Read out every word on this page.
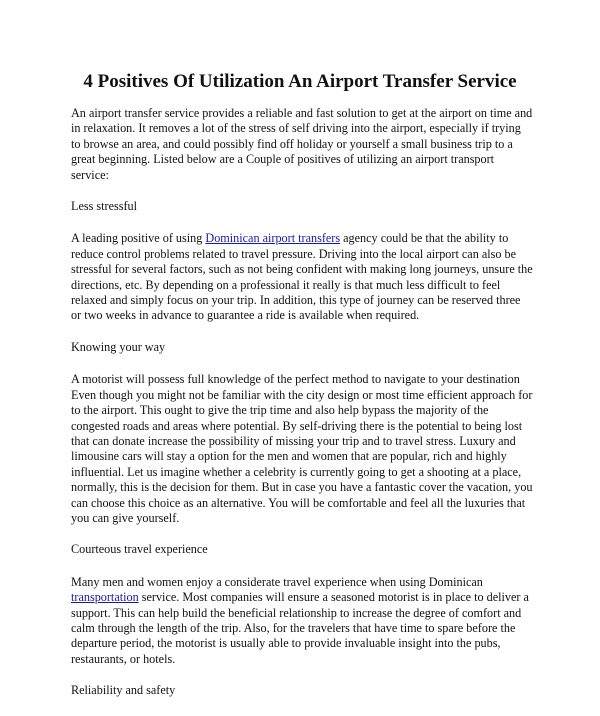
4 Positives Of Utilization An Airport Transfer Service

An airport transfer service provides a reliable and fast solution to get at the airport on time and in relaxation. It removes a lot of the stress of self driving into the airport, especially if trying to browse an area, and could possibly find off holiday or yourself a small business trip to a great beginning. Listed below are a Couple of positives of utilizing an airport transport service:

Less stressful

A leading positive of using Dominican airport transfers agency could be that the ability to reduce control problems related to travel pressure. Driving into the local airport can also be stressful for several factors, such as not being confident with making long journeys, unsure the directions, etc. By depending on a professional it really is that much less difficult to feel relaxed and simply focus on your trip. In addition, this type of journey can be reserved three or two weeks in advance to guarantee a ride is available when required.

Knowing your way

A motorist will possess full knowledge of the perfect method to navigate to your destination Even though you might not be familiar with the city design or most time efficient approach for to the airport. This ought to give the trip time and also help bypass the majority of the congested roads and areas where potential. By self-driving there is the potential to being lost that can donate increase the possibility of missing your trip and to travel stress. Luxury and limousine cars will stay a option for the men and women that are popular, rich and highly influential. Let us imagine whether a celebrity is currently going to get a shooting at a place, normally, this is the decision for them. But in case you have a fantastic cover the vacation, you can choose this choice as an alternative. You will be comfortable and feel all the luxuries that you can give yourself.

Courteous travel experience

Many men and women enjoy a considerate travel experience when using Dominican transportation service. Most companies will ensure a seasoned motorist is in place to deliver a support. This can help build the beneficial relationship to increase the degree of comfort and calm through the length of the trip. Also, for the travelers that have time to spare before the departure period, the motorist is usually able to provide invaluable insight into the pubs, restaurants, or hotels.

Reliability and safety
